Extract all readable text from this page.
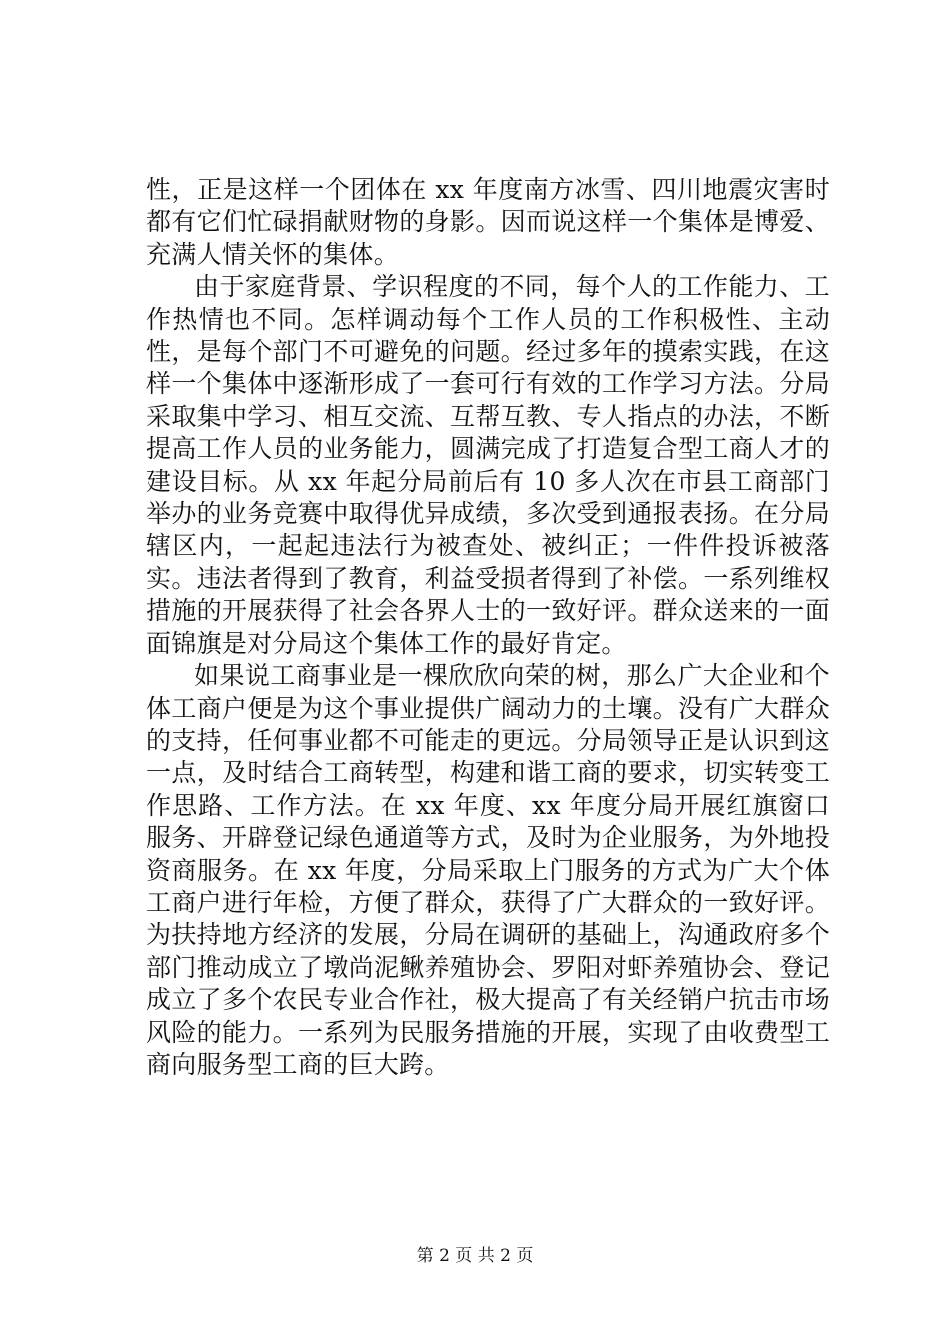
性，正是这样一个团体在 xx 年度南方冰雪、四川地震灾害时都有它们忙碌捐献财物的身影。因而说这样一个集体是博爱、充满人情关怀的集体。

由于家庭背景、学识程度的不同，每个人的工作能力、工作热情也不同。怎样调动每个工作人员的工作积极性、主动性，是每个部门不可避免的问题。经过多年的摸索实践，在这样一个集体中逐渐形成了一套可行有效的工作学习方法。分局采取集中学习、相互交流、互帮互教、专人指点的办法，不断提高工作人员的业务能力，圆满完成了打造复合型工商人才的建设目标。从 xx 年起分局前后有 10 多人次在市县工商部门举办的业务竞赛中取得优异成绩，多次受到通报表扬。在分局辖区内，一起起违法行为被查处、被纠正；一件件投诉被落实。违法者得到了教育，利益受损者得到了补偿。一系列维权措施的开展获得了社会各界人士的一致好评。群众送来的一面面锦旗是对分局这个集体工作的最好肯定。

如果说工商事业是一棵欣欣向荣的树，那么广大企业和个体工商户便是为这个事业提供广阔动力的土壤。没有广大群众的支持，任何事业都不可能走的更远。分局领导正是认识到这一点，及时结合工商转型，构建和谐工商的要求，切实转变工作思路、工作方法。在 xx 年度、xx 年度分局开展红旗窗口服务、开辟登记绿色通道等方式，及时为企业服务，为外地投资商服务。在 xx 年度，分局采取上门服务的方式为广大个体工商户进行年检，方便了群众，获得了广大群众的一致好评。为扶持地方经济的发展，分局在调研的基础上，沟通政府多个部门推动成立了墩尚泥鳅养殖协会、罗阳对虾养殖协会、登记成立了多个农民专业合作社，极大提高了有关经销户抗击市场风险的能力。一系列为民服务措施的开展，实现了由收费型工商向服务型工商的巨大跨。

第 2 页 共 2 页
